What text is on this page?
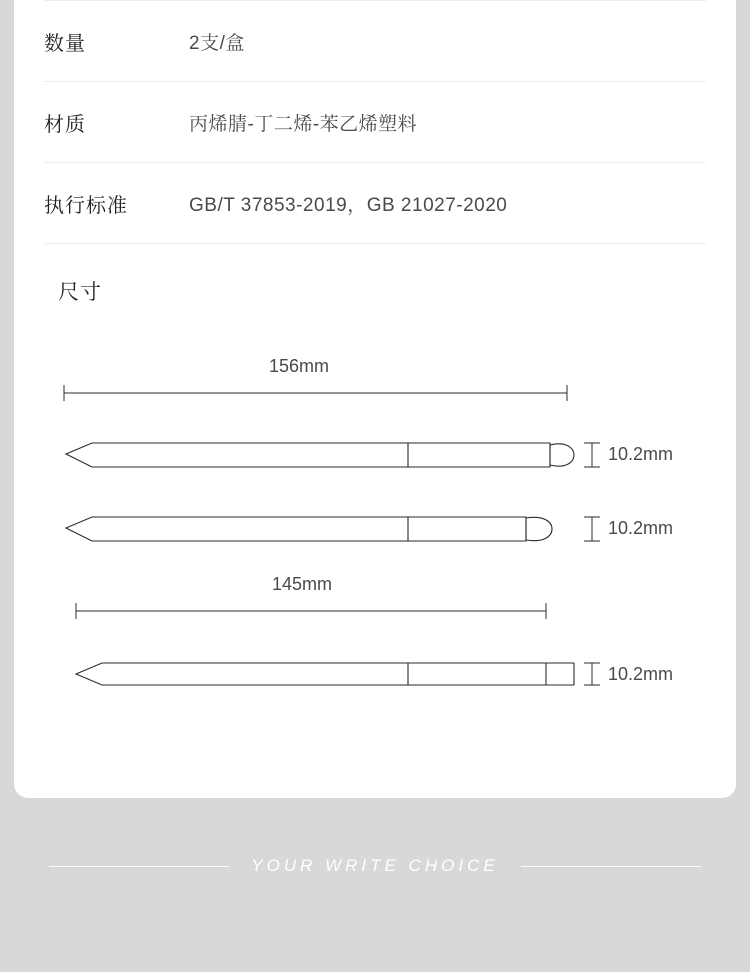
数量	2支/盒
材质	丙烯腈-丁二烯-苯乙烯塑料
执行标准	GB/T 37853-2019，GB 21027-2020
尺寸
156mm
10.2mm
10.2mm
145mm
10.2mm
YOUR WRITE CHOICE
